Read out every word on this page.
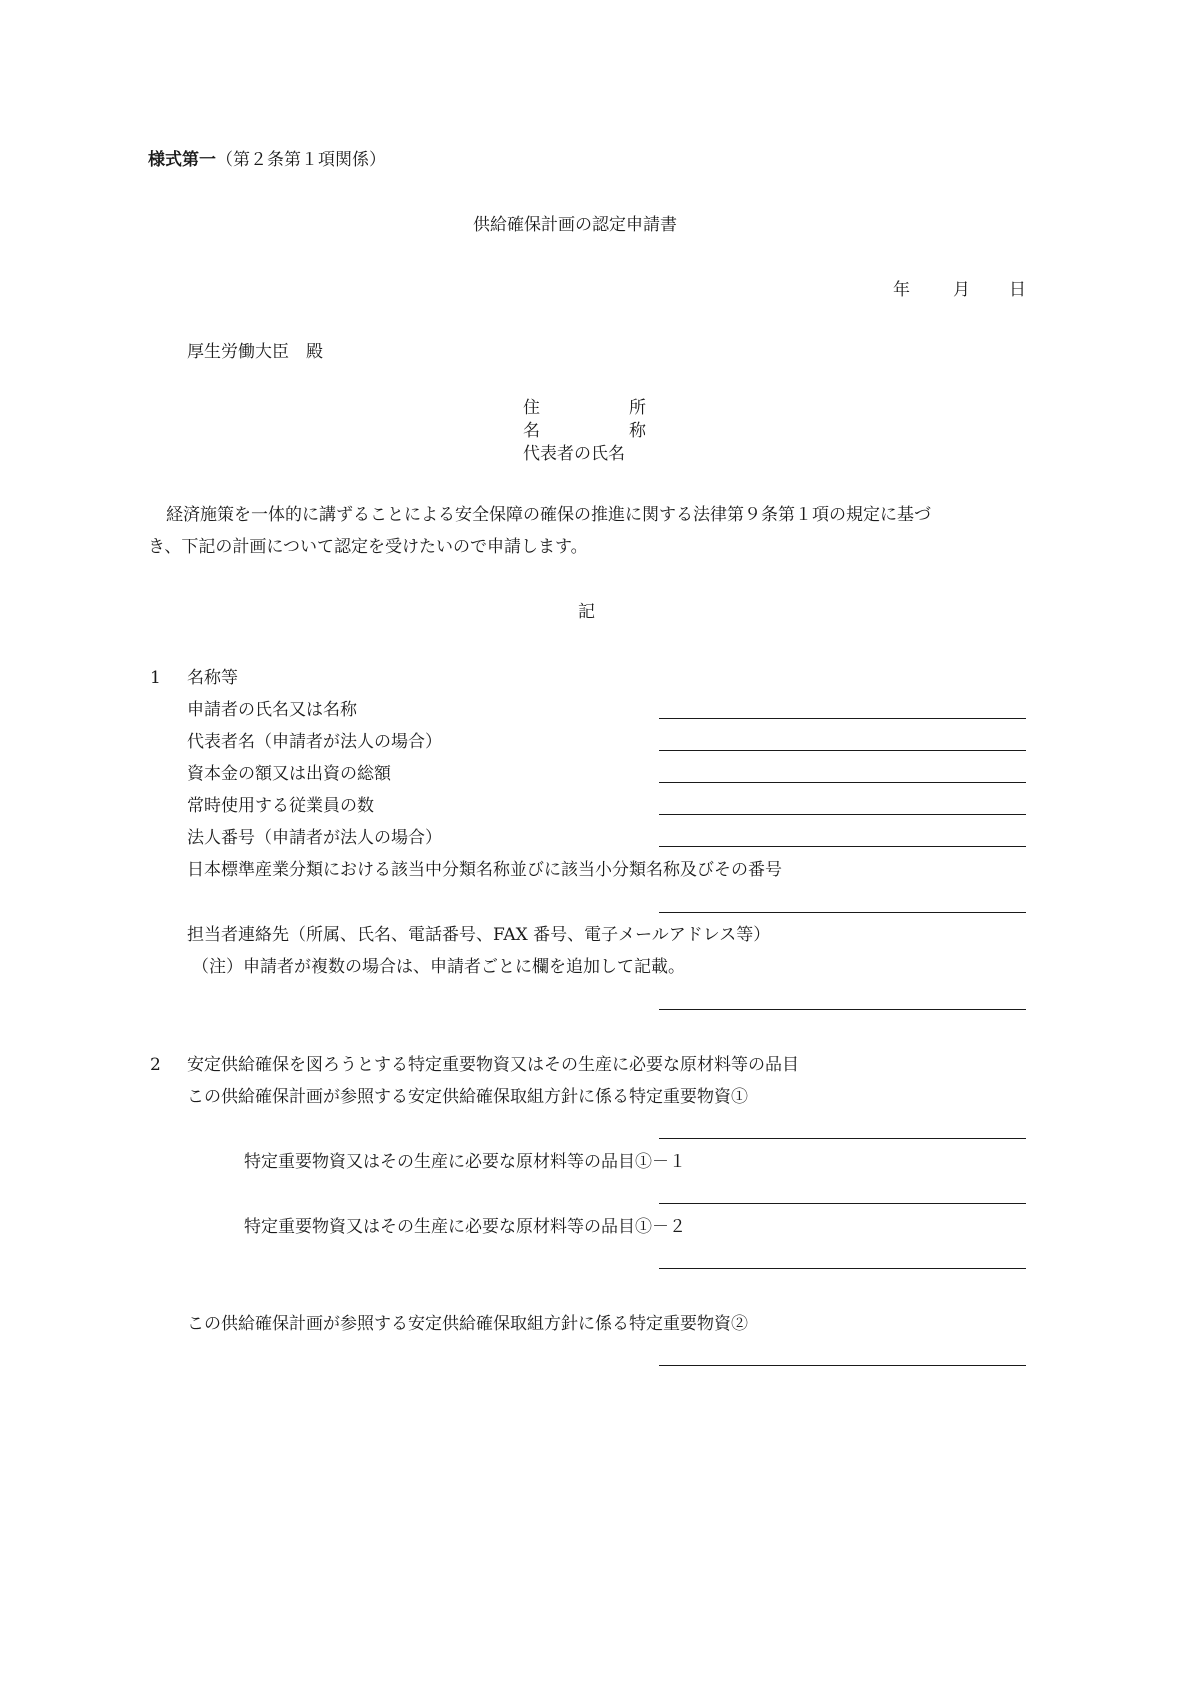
様式第一（第２条第１項関係）
供給確保計画の認定申請書
年	月 日
厚生労働大臣　殿
住	所
名	称
代表者の氏名
経済施策を一体的に講ずることによる安全保障の確保の推進に関する法律第９条第１項の規定に基づ
き、下記の計画について認定を受けたいので申請します。
記
1 名称等
申請者の氏名又は名称
代表者名（申請者が法人の場合）
資本金の額又は出資の総額
常時使用する従業員の数
法人番号（申請者が法人の場合）
日本標準産業分類における該当中分類名称並びに該当小分類名称及びその番号
担当者連絡先（所属、氏名、電話番号、FAX 番号、電子メールアドレス等）
（注）申請者が複数の場合は、申請者ごとに欄を追加して記載。
2 安定供給確保を図ろうとする特定重要物資又はその生産に必要な原材料等の品目
この供給確保計画が参照する安定供給確保取組方針に係る特定重要物資①
特定重要物資又はその生産に必要な原材料等の品目①－１
特定重要物資又はその生産に必要な原材料等の品目①－２
この供給確保計画が参照する安定供給確保取組方針に係る特定重要物資②
